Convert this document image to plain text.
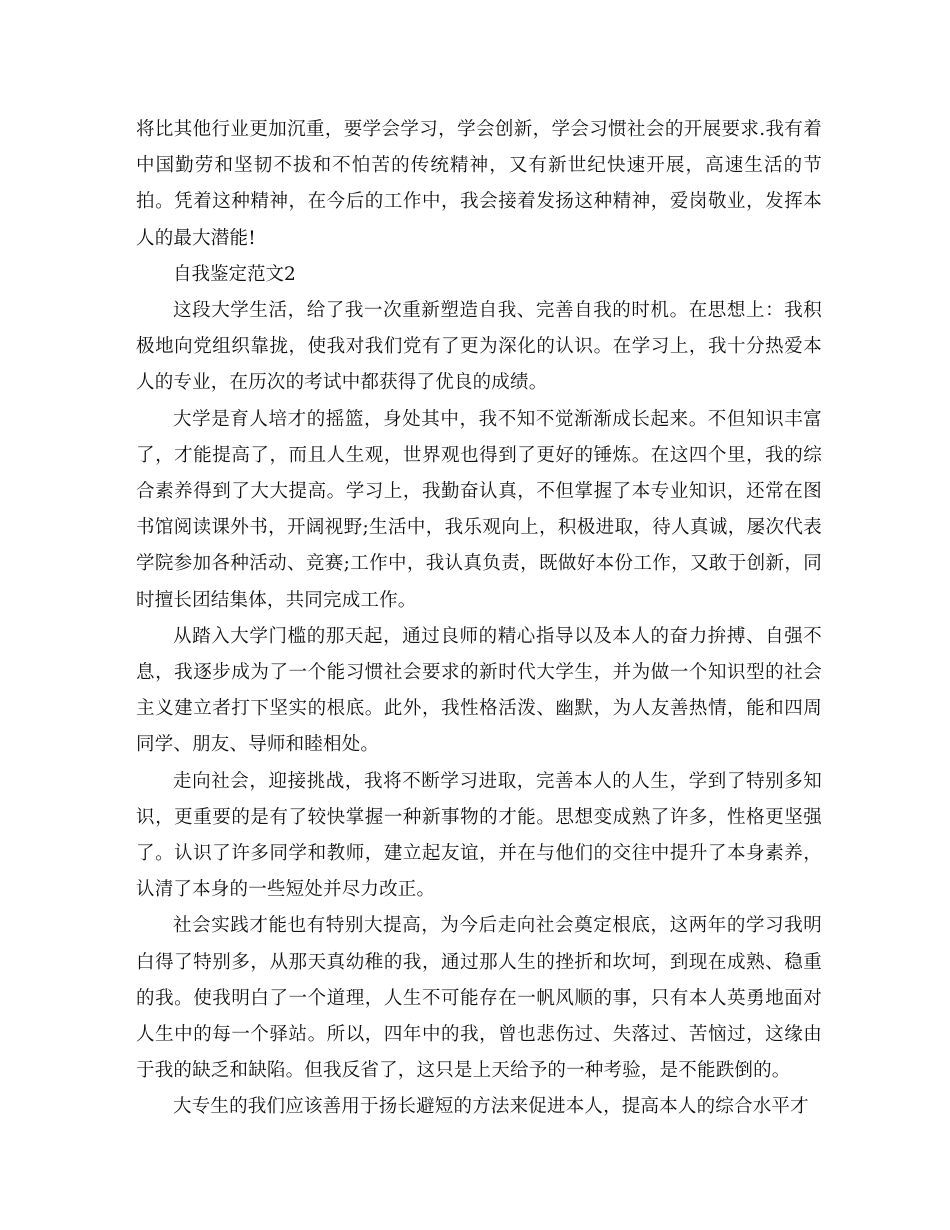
将比其他行业更加沉重，要学会学习，学会创新，学会习惯社会的开展要求.我有着中国勤劳和坚韧不拔和不怕苦的传统精神，又有新世纪快速开展，高速生活的节拍。凭着这种精神，在今后的工作中，我会接着发扬这种精神，爱岗敬业，发挥本人的最大潜能!

自我鉴定范文2

这段大学生活，给了我一次重新塑造自我、完善自我的时机。在思想上：我积极地向党组织靠拢，使我对我们党有了更为深化的认识。在学习上，我十分热爱本人的专业，在历次的考试中都获得了优良的成绩。

大学是育人培才的摇篮，身处其中，我不知不觉渐渐成长起来。不但知识丰富了，才能提高了，而且人生观，世界观也得到了更好的锤炼。在这四个里，我的综合素养得到了大大提高。学习上，我勤奋认真，不但掌握了本专业知识，还常在图书馆阅读课外书，开阔视野;生活中，我乐观向上，积极进取，待人真诚，屡次代表学院参加各种活动、竞赛;工作中，我认真负责，既做好本份工作，又敢于创新，同时擅长团结集体，共同完成工作。

从踏入大学门槛的那天起，通过良师的精心指导以及本人的奋力拚搏、自强不息，我逐步成为了一个能习惯社会要求的新时代大学生，并为做一个知识型的社会主义建立者打下坚实的根底。此外，我性格活泼、幽默，为人友善热情，能和四周同学、朋友、导师和睦相处。

走向社会，迎接挑战，我将不断学习进取，完善本人的人生，学到了特别多知识，更重要的是有了较快掌握一种新事物的才能。思想变成熟了许多，性格更坚强了。认识了许多同学和教师，建立起友谊，并在与他们的交往中提升了本身素养，认清了本身的一些短处并尽力改正。

社会实践才能也有特别大提高，为今后走向社会奠定根底，这两年的学习我明白得了特别多，从那天真幼稚的我，通过那人生的挫折和坎坷，到现在成熟、稳重的我。使我明白了一个道理，人生不可能存在一帆风顺的事，只有本人英勇地面对人生中的每一个驿站。所以，四年中的我，曾也悲伤过、失落过、苦恼过，这缘由于我的缺乏和缺陷。但我反省了，这只是上天给予的一种考验，是不能跌倒的。

大专生的我们应该善用于扬长避短的方法来促进本人，提高本人的综合水平才
